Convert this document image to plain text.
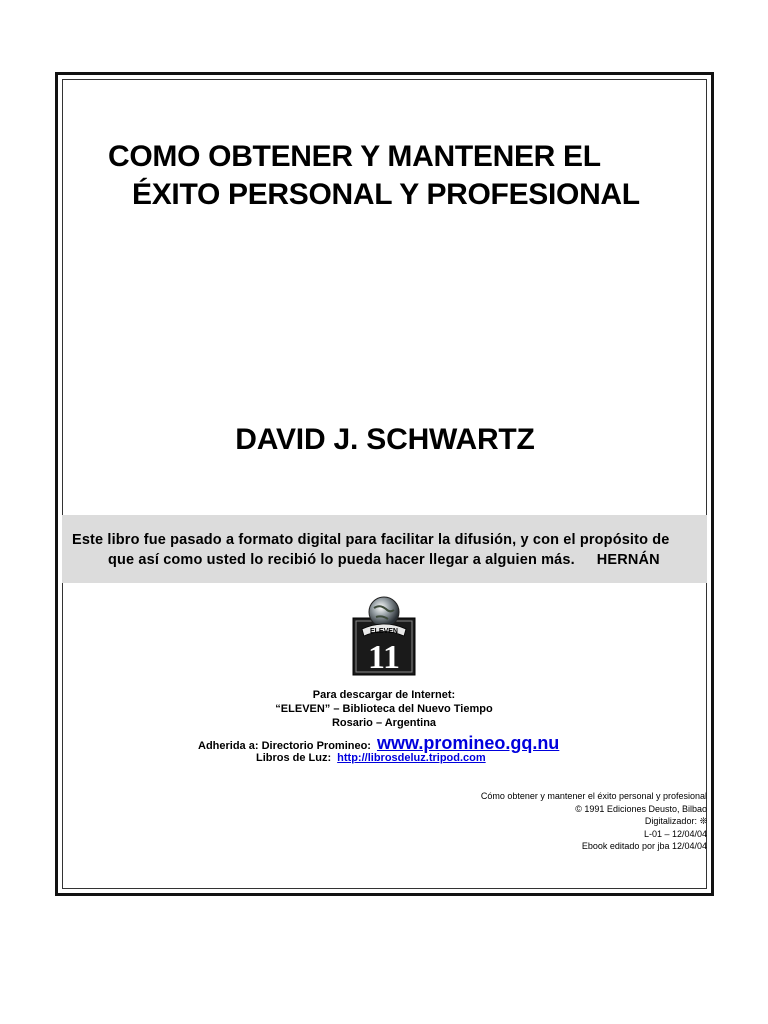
COMO OBTENER Y MANTENER EL
ÉXITO PERSONAL Y PROFESIONAL
DAVID J. SCHWARTZ
Este libro fue pasado a formato digital para facilitar la difusión, y con el propósito de
que así como usted lo recibió lo pueda hacer llegar a alguien más. HERNÁN
ELEVEN
11
Para descargar de Internet:
“ELEVEN” – Biblioteca del Nuevo Tiempo
Rosario – Argentina
Adherida a: Directorio Promineo: www.promineo.gq.nu
Libros de Luz: http://librosdeluz.tripod.com
Cómo obtener y mantener el éxito personal y profesional
© 1991 Ediciones Deusto, Bilbao
Digitalizador: ❊
L-01 – 12/04/04
Ebook editado por jba 12/04/04
